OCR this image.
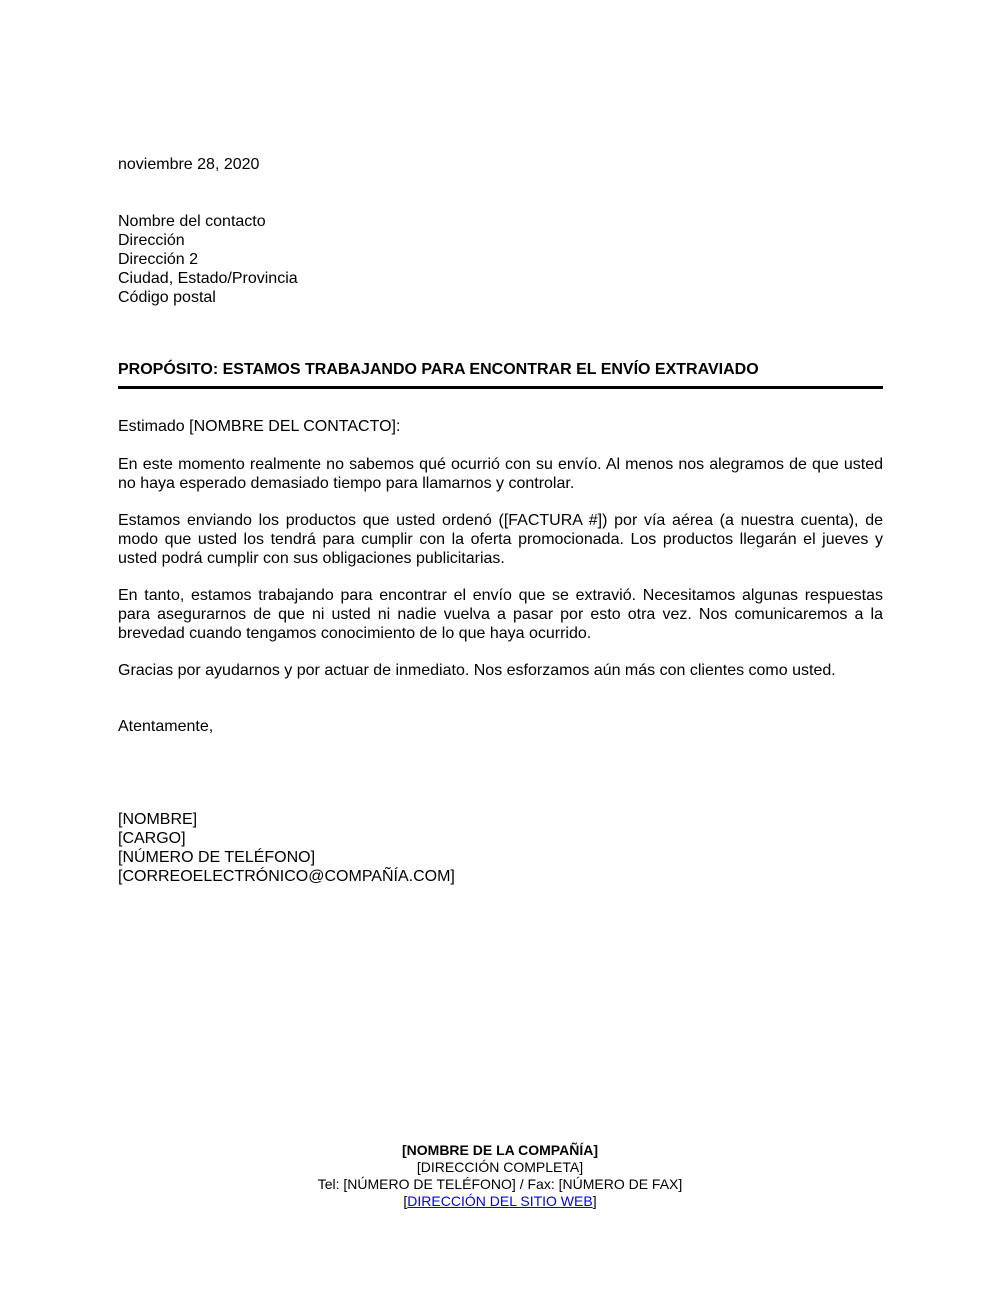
noviembre 28, 2020
Nombre del contacto
Dirección
Dirección 2
Ciudad, Estado/Provincia
Código postal
PROPÓSITO: ESTAMOS TRABAJANDO PARA ENCONTRAR EL ENVÍO EXTRAVIADO
Estimado [NOMBRE DEL CONTACTO]:
En este momento realmente no sabemos qué ocurrió con su envío. Al menos nos alegramos de que usted no haya esperado demasiado tiempo para llamarnos y controlar.
Estamos enviando los productos que usted ordenó ([FACTURA #]) por vía aérea (a nuestra cuenta), de modo que usted los tendrá para cumplir con la oferta promocionada. Los productos llegarán el jueves y usted podrá cumplir con sus obligaciones publicitarias.
En tanto, estamos trabajando para encontrar el envío que se extravió. Necesitamos algunas respuestas para asegurarnos de que ni usted ni nadie vuelva a pasar por esto otra vez. Nos comunicaremos a la brevedad cuando tengamos conocimiento de lo que haya ocurrido.
Gracias por ayudarnos y por actuar de inmediato. Nos esforzamos aún más con clientes como usted.
Atentamente,
[NOMBRE]
[CARGO]
[NÚMERO DE TELÉFONO]
[CORREOELECTRÓNICO@COMPAÑÍA.COM]
[NOMBRE DE LA COMPAÑÍA]
[DIRECCIÓN COMPLETA]
Tel: [NÚMERO DE TELÉFONO] / Fax: [NÚMERO DE FAX]
[DIRECCIÓN DEL SITIO WEB]
